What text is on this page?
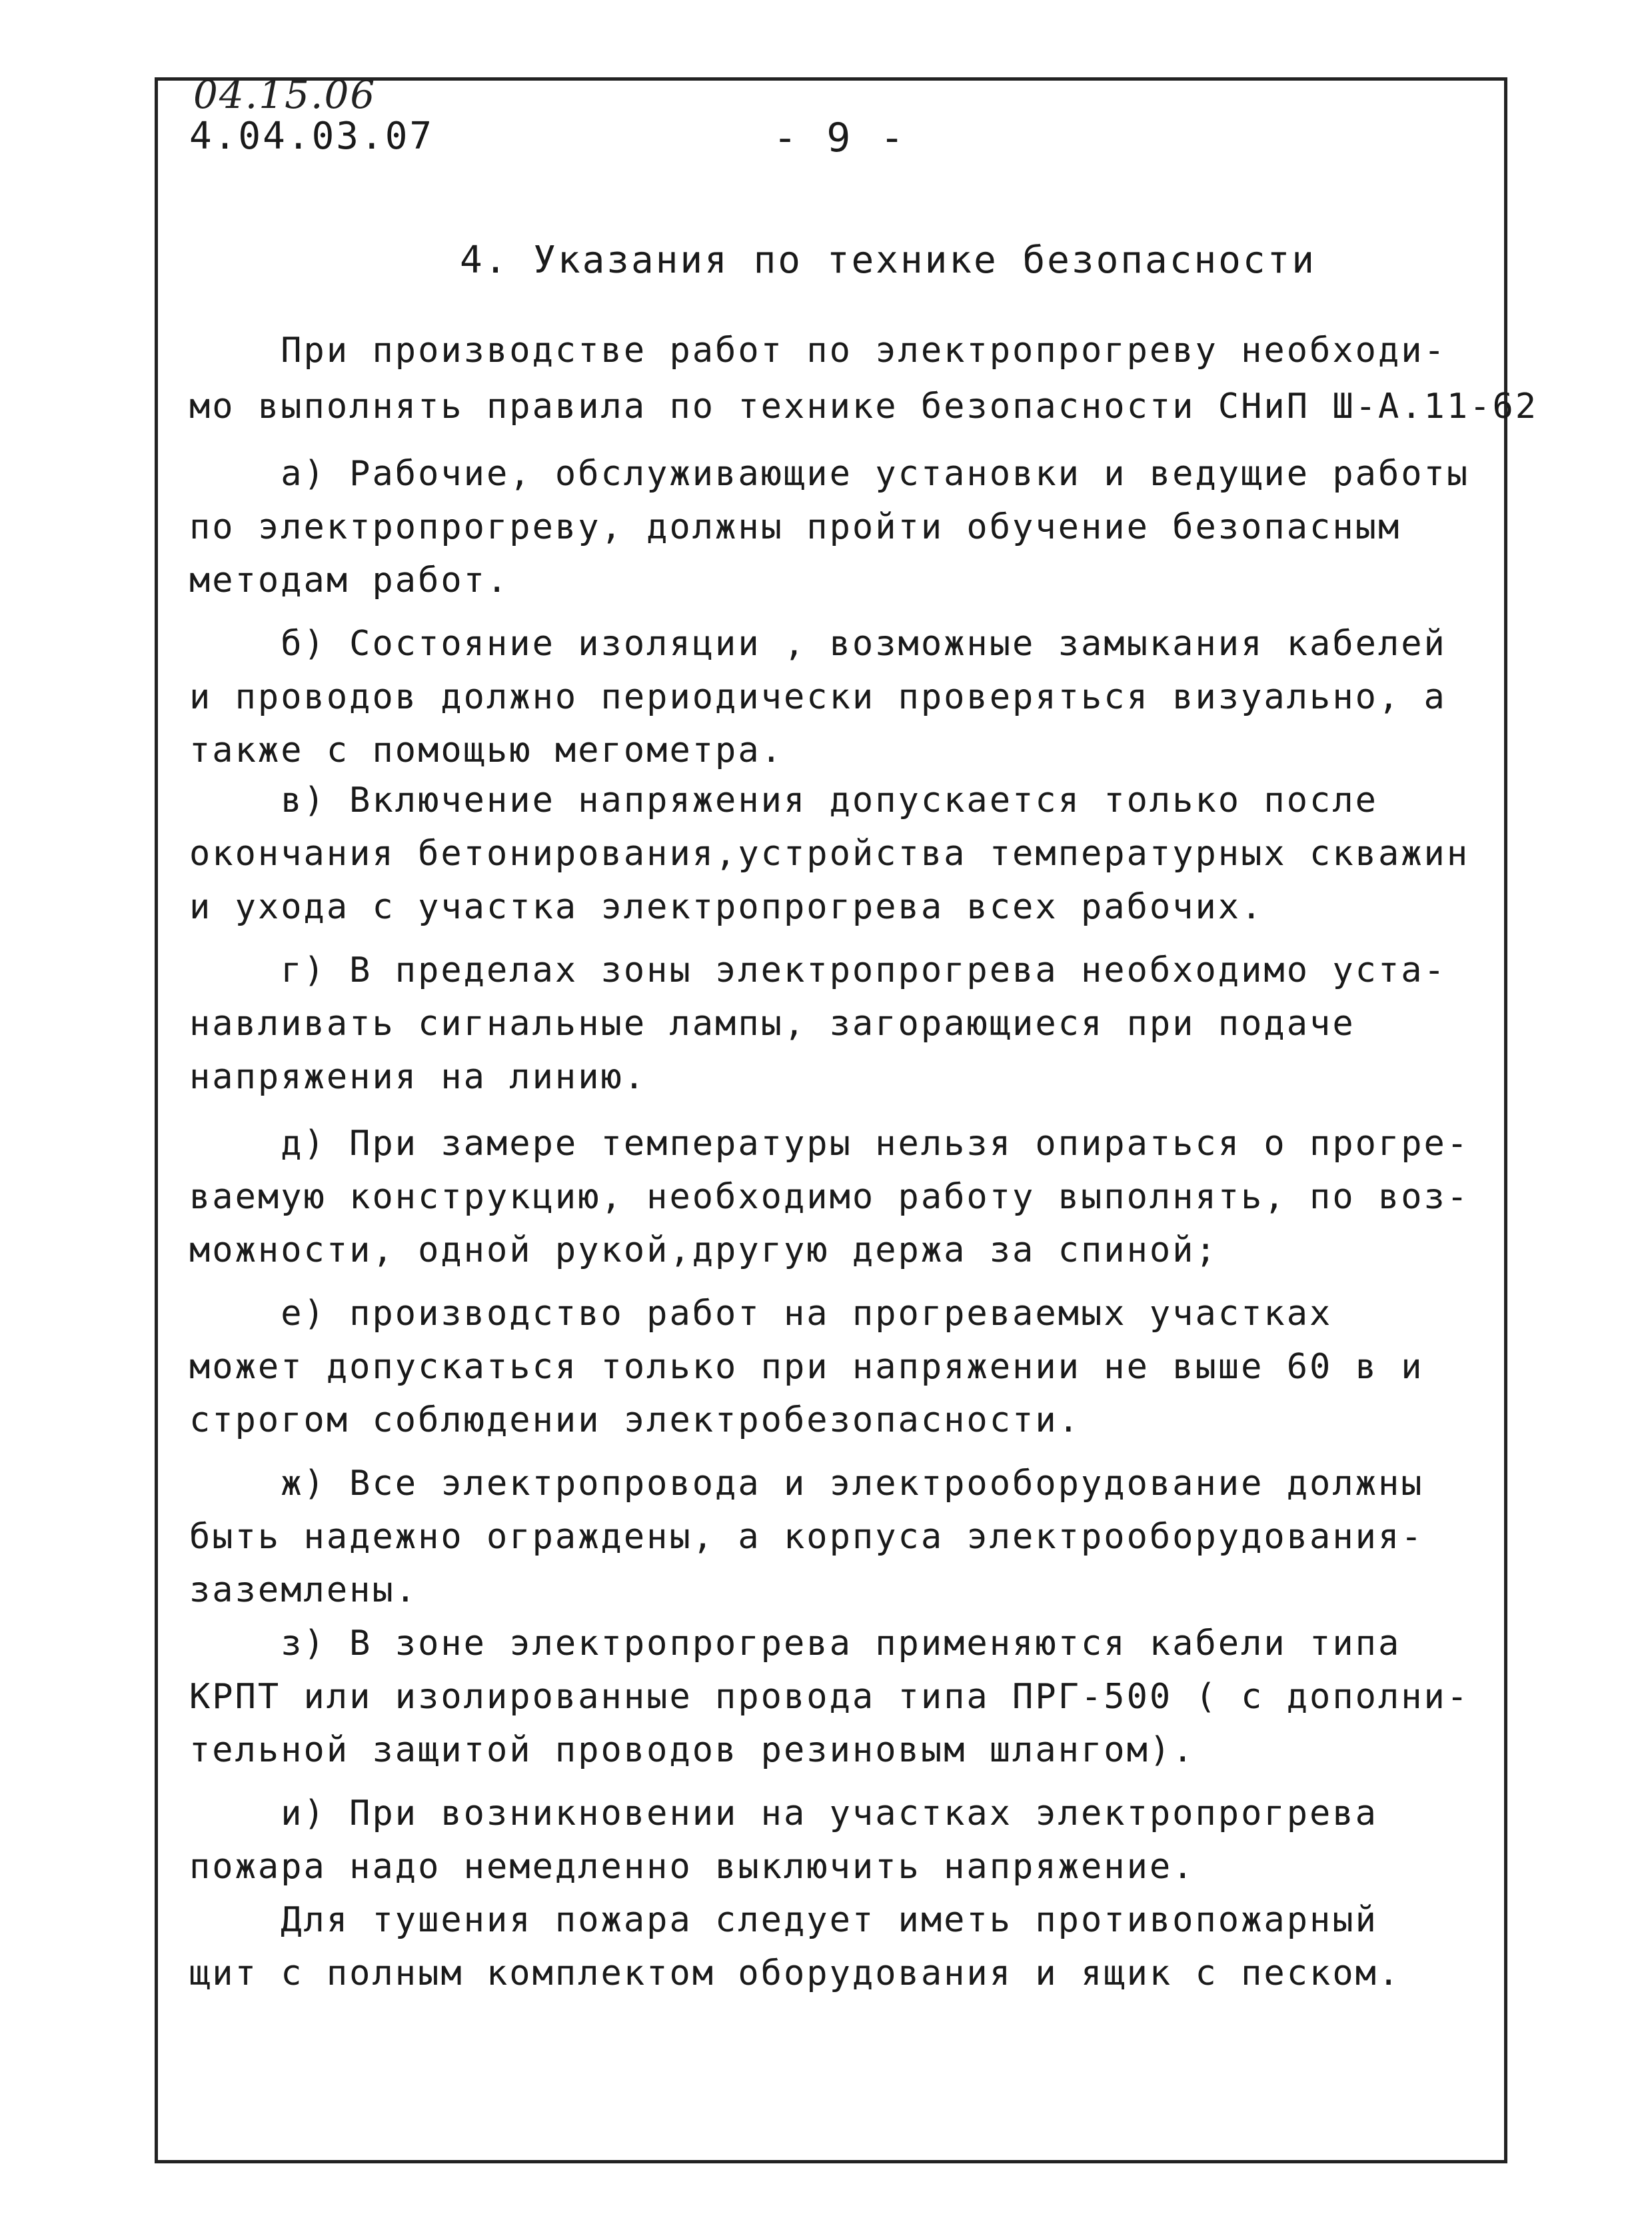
04.15.06
4.04.03.07	- 9 -
4. Указания по технике безопасности
При производстве работ по электропрогреву необходи-
мо выполнять правила по технике безопасности СНиП Ш-А.11-62
а) Рабочие, обслуживающие установки и ведущие работы
по электропрогреву, должны пройти обучение безопасным
методам работ.
б) Состояние изоляции , возможные замыкания кабелей
и проводов должно периодически проверяться визуально, а
также с помощью мегометра.
в) Включение напряжения допускается только после
окончания бетонирования,устройства температурных скважин
и ухода с участка электропрогрева всех рабочих.
г) В пределах зоны электропрогрева необходимо уста-
навливать сигнальные лампы, загорающиеся при подаче
напряжения на линию.
д) При замере температуры нельзя опираться о прогре-
ваемую конструкцию, необходимо работу выполнять, по воз-
можности, одной рукой,другую держа за спиной;
е) производство работ на прогреваемых участках
может допускаться только при напряжении не выше 60 в и
строгом соблюдении электробезопасности.
ж) Все электропровода и электрооборудование должны
быть надежно ограждены, а корпуса электрооборудования-
заземлены.
з) В зоне электропрогрева применяются кабели типа
КРПТ или изолированные провода типа ПРГ-500 ( с дополни-
тельной защитой проводов резиновым шлангом).
и) При возникновении на участках электропрогрева
пожара надо немедленно выключить напряжение.
Для тушения пожара следует иметь противопожарный
щит с полным комплектом оборудования и ящик с песком.
